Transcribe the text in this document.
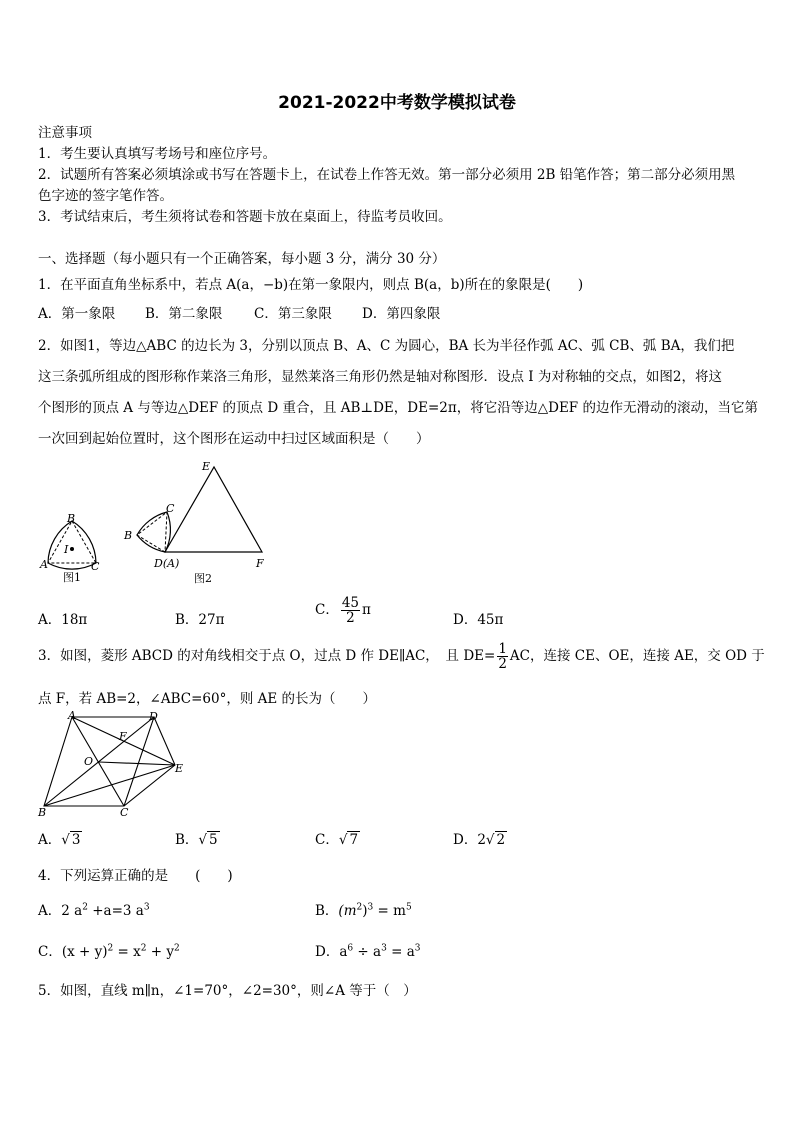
2021-2022中考数学模拟试卷
注意事项
1．考生要认真填写考场号和座位序号。
2．试题所有答案必须填涂或书写在答题卡上，在试卷上作答无效。第一部分必须用 2B 铅笔作答；第二部分必须用黑
色字迹的签字笔作答。
3．考试结束后，考生须将试卷和答题卡放在桌面上，待监考员收回。
一、选择题（每小题只有一个正确答案，每小题 3 分，满分 30 分）
1．在平面直角坐标系中，若点 A(a，−b)在第一象限内，则点 B(a，b)所在的象限是(　　)
A．第一象限 B．第二象限 C．第三象限 D．第四象限
2．如图1，等边△ABC 的边长为 3，分别以顶点 B、A、C 为圆心，BA 长为半径作弧 AC、弧 CB、弧 BA，我们把
这三条弧所组成的图形称作莱洛三角形，显然莱洛三角形仍然是轴对称图形．设点 I 为对称轴的交点，如图2，将这
个图形的顶点 A 与等边△DEF 的顶点 D 重合，且 AB⊥DE，DE=2π，将它沿等边△DEF 的边作无滑动的滚动，当它第
一次回到起始位置时，这个图形在运动中扫过区域面积是（　　）
B
I
A	C
图1
E
C
B
D(A)	F
图2
A．18π	B．27π
C． $\frac{45}{2}$ π
D．45π
3．如图，菱形 ABCD 的对角线相交于点 O，过点 D 作 DE∥AC，　且 $DE= \frac{1}{2}$ AC，连接 CE、OE，连接 AE，交 OD 于
点 F，若 AB=2，∠ABC=60°，则 AE 的长为（　　）
A	D
F
O
E
B	C
A．√ 3	B．√ 5	C．√ 7	D．2√ 2
4．下列运算正确的是　　(　　)
A．2 $a^2 +a=3$ $a^3$	B．$(m^2)^3 = m^5$
C．$(x + y)^2 = x^2 + y^2$	D．$a^6 \div a^3 = a^3$
5．如图，直线 m∥n，∠1=70°，∠2=30°，则∠A 等于（　）
